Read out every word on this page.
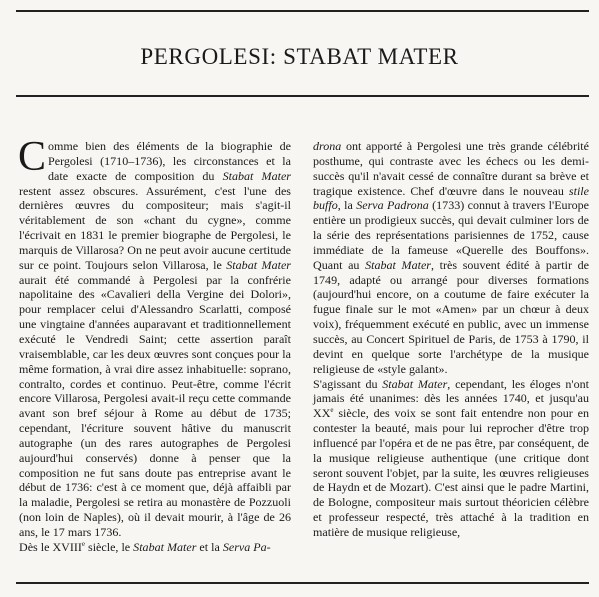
PERGOLESI: STABAT MATER

C omme bien des éléments de la biographie de Pergolesi (1710–1736), les circonstances et la date exacte de composition du Stabat Mater restent assez obscures. Assurément, c'est l'une des dernières œuvres du compositeur; mais s'agit-il véritablement de son «chant du cygne», comme l'écrivait en 1831 le premier biographe de Pergolesi, le marquis de Villarosa? On ne peut avoir aucune certitude sur ce point. Toujours selon Villarosa, le Stabat Mater aurait été commandé à Pergolesi par la confrérie napolitaine des «Cavalieri della Vergine dei Dolori», pour remplacer celui d'Alessandro Scarlatti, composé une vingtaine d'années auparavant et traditionnellement exécuté le Vendredi Saint; cette assertion paraît vraisemblable, car les deux œuvres sont conçues pour la même formation, à vrai dire assez inhabituelle: soprano, contralto, cordes et continuo. Peut-être, comme l'écrit encore Villarosa, Pergolesi avait-il reçu cette commande avant son bref séjour à Rome au début de 1735; cependant, l'écriture souvent hâtive du manuscrit autographe (un des rares autographes de Pergolesi aujourd'hui conservés) donne à penser que la composition ne fut sans doute pas entreprise avant le début de 1736: c'est à ce moment que, déjà affaibli par la maladie, Pergolesi se retira au monastère de Pozzuoli (non loin de Naples), où il devait mourir, à l'âge de 26 ans, le 17 mars 1736.

Dès le XVIIIe siècle, le Stabat Mater et la Serva Pa-

drona ont apporté à Pergolesi une très grande célébrité posthume, qui contraste avec les échecs ou les demi-succès qu'il n'avait cessé de connaître durant sa brève et tragique existence. Chef d'œuvre dans le nouveau stile buffo, la Serva Padrona (1733) connut à travers l'Europe entière un prodigieux succès, qui devait culminer lors de la série des représentations parisiennes de 1752, cause immédiate de la fameuse «Querelle des Bouffons». Quant au Stabat Mater, très souvent édité à partir de 1749, adapté ou arrangé pour diverses formations (aujourd'hui encore, on a coutume de faire exécuter la fugue finale sur le mot «Amen» par un chœur à deux voix), fréquemment exécuté en public, avec un immense succès, au Concert Spirituel de Paris, de 1753 à 1790, il devint en quelque sorte l'archétype de la musique religieuse de «style galant».

S'agissant du Stabat Mater, cependant, les éloges n'ont jamais été unanimes: dès les années 1740, et jusqu'au XXe siècle, des voix se sont fait entendre non pour en contester la beauté, mais pour lui reprocher d'être trop influencé par l'opéra et de ne pas être, par conséquent, de la musique religieuse authentique (une critique dont seront souvent l'objet, par la suite, les œuvres religieuses de Haydn et de Mozart). C'est ainsi que le padre Martini, de Bologne, compositeur mais surtout théoricien célèbre et professeur respecté, très attaché à la tradition en matière de musique religieuse,
